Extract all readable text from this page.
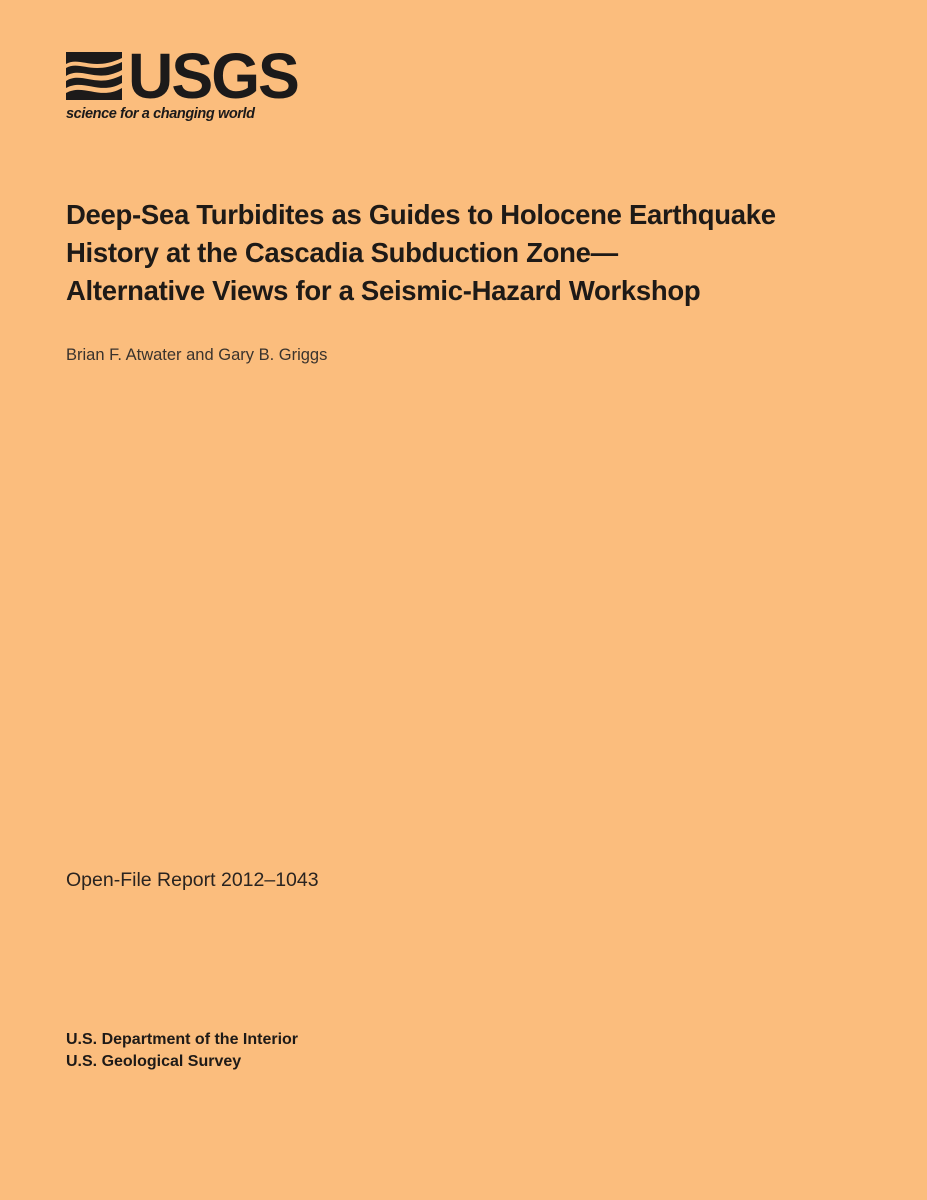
USGS
science for a changing world
Deep-Sea Turbidites as Guides to Holocene Earthquake
History at the Cascadia Subduction Zone—
Alternative Views for a Seismic-Hazard Workshop
Brian F. Atwater and Gary B. Griggs
Open-File Report 2012–1043
U.S. Department of the Interior
U.S. Geological Survey
